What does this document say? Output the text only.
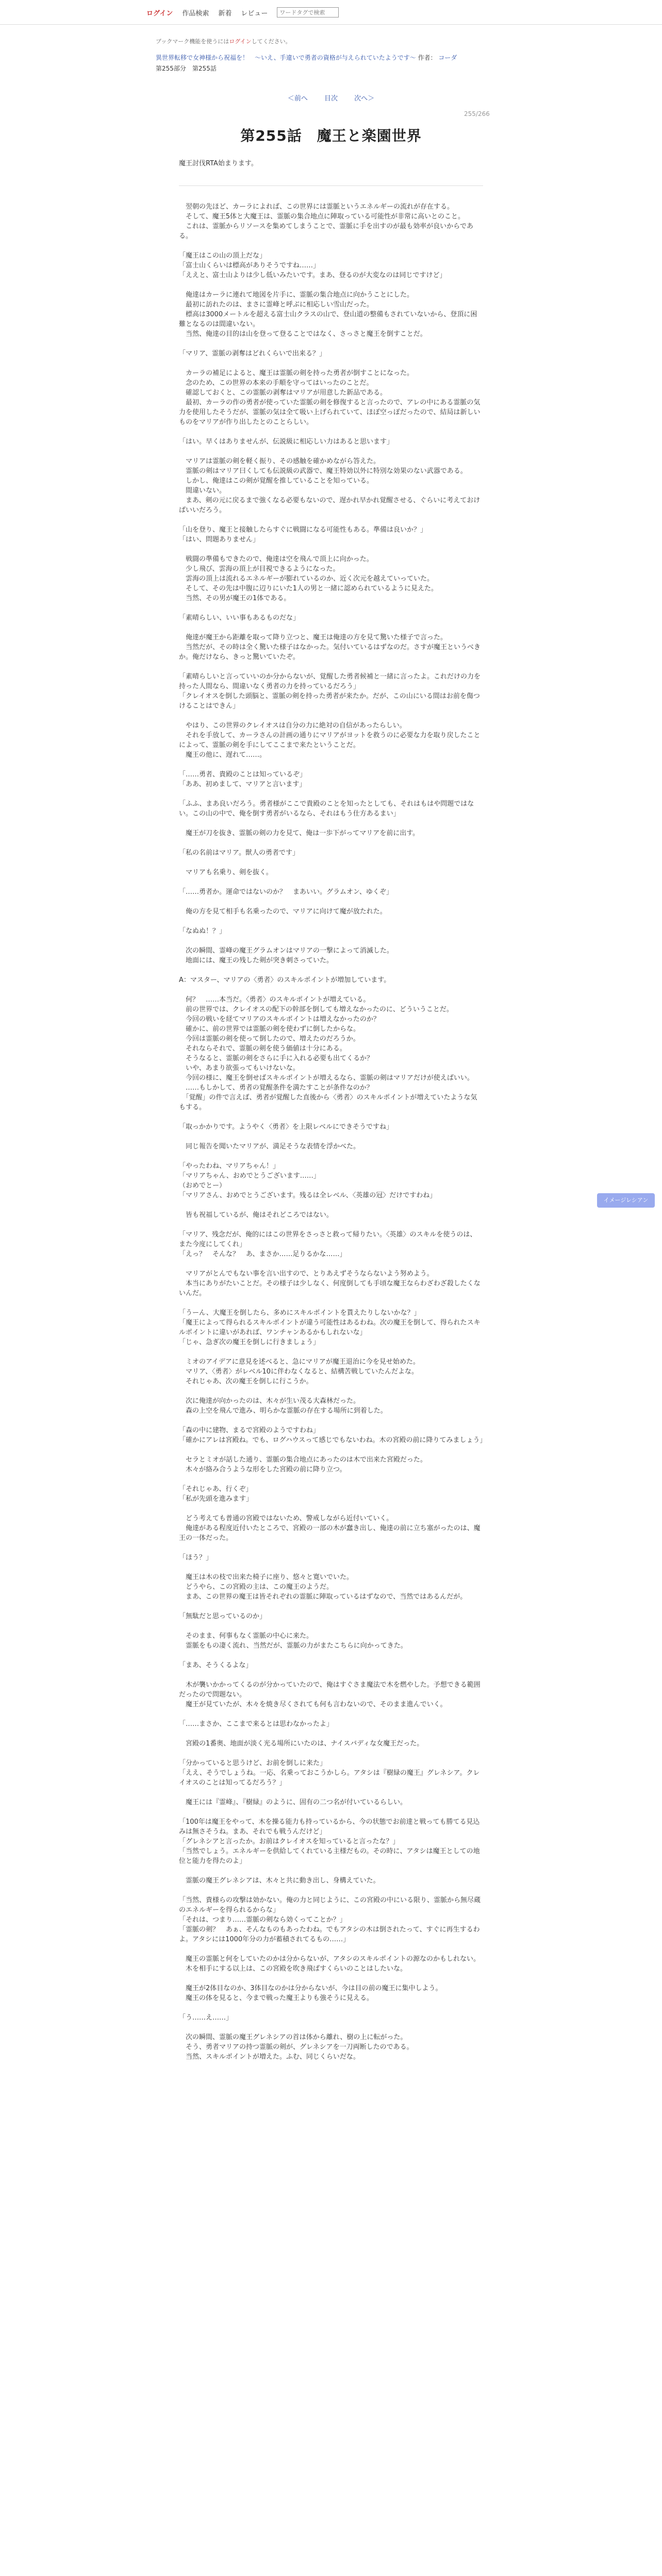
ログイン 作品検索 新着 レビュー
ワードタグで検索
ブックマーク機能を使うにはログインしてください。
異世界転移で女神様から祝福を！　～いえ、手違いで勇者の資格が与えられていたようです～ 作者： コーダ
第255部分　 第255話
＜前へ 目次 次へ＞
255/266
第255話　魔王と楽園世界
魔王討伐RTA始まります。

　翌朝の先ほど、カーラによれば、この世界には霊脈というエネルギーの流れが存在する。
　そして、魔王5体と大魔王は、霊脈の集合地点に陣取っている可能性が非常に高いとのこと。
　これは、霊脈からリソースを集めてしまうことで、霊脈に手を出すのが最も効率が良いからである。

「魔王はこの山の頂上だな」
「富士山くらいは標高がありそうですね……」
「ええと、富士山よりは少し低いみたいです。まあ、登るのが大変なのは同じですけど」

　俺達はカーラに連れて地図を片手に、霊脈の集合地点に向かうことにした。
　最初に訪れたのは、まさに霊峰と呼ぶに相応しい雪山だった。
　標高は3000メートルを超える富士山クラスの山で、登山道の整備もされていないから、登頂に困難となるのは間違いない。
　当然、俺達の目的は山を登って登ることではなく、さっさと魔王を倒すことだ。

「マリア、霊脈の剥奪はどれくらいで出来る？」

　カーラの補足によると、魔王は霊脈の剣を持った勇者が倒すことになった。
　念のため、この世界の本来の手順を守ってはいったのことだ。
　確認しておくと、この霊脈の剥奪はマリアが用意した新品である。
　最初、カーラの作の勇者が使っていた霊脈の剣を修復すると言ったので、アレの中にある霊脈の気力を使用したそうだが、霊脈の気は全て吸い上げられていて、ほぼ空っぽだったので、結局は新しいものをマリアが作り出したとのことらしい。

「はい。早くはありませんが、伝説級に相応しい力はあると思います」

　マリアは霊脈の剣を軽く振り、その感触を確かめながら答えた。
　霊脈の剣はマリア曰くしても伝説級の武器で、魔王特効以外に特別な効果のない武器である。
　しかし、俺達はこの剣が覚醒を推していることを知っている。
　間違いない。
　まあ、剣の元に戻るまで強くなる必要もないので、遅かれ早かれ覚醒させる、ぐらいに考えておけばいいだろう。

「山を登り、魔王と接触したらすぐに戦闘になる可能性もある。準備は良いか？」
「はい、問題ありません」

　戦闘の準備もできたので、俺達は空を飛んで頂上に向かった。
　少し飛び、雲海の頂上が目視できるようになった。
　雲海の頂上は流れるエネルギーが膨れているのか、近く次元を越えていっていた。
　そして、その先は中腹に辺りにいた1人の男と一緒に認められているように見えた。
　当然、その男が魔王の1体である。

「素晴らしい、いい事もあるものだな」

　俺達が魔王から距離を取って降り立つと、魔王は俺達の方を見て驚いた様子で言った。
　当然だが、その時は全く驚いた様子はなかった。気付いているはずなのだ。さすが魔王というべきか。俺だけなら、きっと驚いていたぞ。

「素晴らしいと言っていいのか分からないが、覚醒した勇者候補と一緒に言ったよ。これだけの力を持った人間なら、間違いなく勇者の力を持っているだろう」
「クレイオスを倒した頭脳と、霊脈の剣を持った勇者が来たか。だが、この山にいる間はお前を傷つけることはできん」

　やはり、この世界のクレイオスは自分の力に絶対の自信があったらしい。
　それを手放して、カーラさんの計画の通りにマリアがヨットを救うのに必要な力を取り戻したことによって、霊脈の剣を手にしてここまで来たということだ。
　魔王の他に、遅れて……。

「……勇者、貴殿のことは知っているぞ」
「ああ、初めまして、マリアと言います」

「ふふ、まあ良いだろう。勇者様がここで貴殿のことを知ったとしても、それはもはや問題ではない。この山の中で、俺を倒す勇者がいるなら、それはもう仕方あるまい」

　魔王が刀を抜き、霊脈の剣の力を見て、俺は一歩下がってマリアを前に出す。

「私の名前はマリア。獣人の勇者です」

　マリアも名乗り、剣を抜く。

「……勇者か。運命ではないのか？　まあいい。グラムオン、ゆくぞ」

　俺の方を見て相手も名乗ったので、マリアに向けて魔が放たれた。

「なぬぬ！？」

　次の瞬間、霊峰の魔王グラムオンはマリアの一撃によって消滅した。
　地面には、魔王の残した剣が突き刺さっていた。

A：マスター、マリアの〈勇者〉のスキルポイントが増加しています。

　何？　……本当だ。〈勇者〉のスキルポイントが増えている。
　前の世界では、クレイオスの配下の幹部を倒しても増えなかったのに、どういうことだ。
　今回の戦いを経てマリアのスキルポイントは増えなかったのか？
　確かに、前の世界では霊脈の剣を使わずに倒したからな。
　今回は霊脈の剣を使って倒したので、増えたのだろうか。
　それならそれで、霊脈の剣を使う価値は十分にある。
　そうなると、霊脈の剣をさらに手に入れる必要も出てくるか？
　いや、あまり欲張ってもいけないな。
　今回の様に、魔王を倒せばスキルポイントが増えるなら、霊脈の剣はマリアだけが使えばいい。
　……もしかして、勇者の覚醒条件を満たすことが条件なのか？
　「覚醒」の件で言えば、勇者が覚醒した直後から〈勇者〉のスキルポイントが増えていたような気もする。

「取っかかりです。ようやく〈勇者〉を上限レベルにできそうですね」

　同じ報告を聞いたマリアが、満足そうな表情を浮かべた。

「やったわね、マリアちゃん！」
「マリアちゃん、おめでとうございます……」
（おめでとー）
「マリアさん、おめでとうございます。残るは全レベル、〈英雄の冠〉だけですわね」

　皆も祝福しているが、俺はそれどころではない。

「マリア、残念だが、俺的にはこの世界をさっさと救って帰りたい。〈英雄〉のスキルを使うのは、また今度にしてくれ」
「えっ？　そんな？　あ、まさか……足りるかな……」

　マリアがとんでもない事を言い出すので、とりあえずそうならないよう努めよう。
　本当にありがたいことだ。その様子は少しなく、何度倒しても手頃な魔王ならわざわざ殺したくないんだ。

「うーん、大魔王を倒したら、多めにスキルポイントを貰えたりしないかな？」
「魔王によって得られるスキルポイントが違う可能性はあるわね。次の魔王を倒して、得られたスキルポイントに違いがあれば、ワンチャンあるかもしれないな」
「じゃ、急ぎ次の魔王を倒しに行きましょう」

　ミオのアイデアに意見を述べると、急にマリアが魔王退治に今を見せ始めた。
　マリア、〈勇者〉がレベル10に伴わなくなると、結構苦戦していたんだよな。
　それじゃあ、次の魔王を倒しに行こうか。

　次に俺達が向かったのは、木々が生い茂る大森林だった。
　森の上空を飛んで進み、明らかな霊脈の存在する場所に到着した。

「森の中に建物、まるで宮殿のようですわね」
「確かにアレは宮殿ね。でも、ログハウスって感じでもないわね。木の宮殿の前に降りてみましょう」

　セラとミオが話した通り、霊脈の集合地点にあったのは木で出来た宮殿だった。
　木々が絡み合うような形をした宮殿の前に降り立つ。

「それじゃあ、行くぞ」
「私が先頭を進みます」

　どう考えても普通の宮殿ではないため、警戒しながら近付いていく。
　俺達がある程度近付いたところで、宮殿の一部の木が蠢き出し、俺達の前に立ち塞がったのは、魔王の一体だった。

「ほう？」

　魔王は木の枝で出来た椅子に座り、悠々と寛いでいた。
　どうやら、この宮殿の主は、この魔王のようだ。
　まあ、この世界の魔王は皆それぞれの霊脈に陣取っているはずなので、当然ではあるんだが。

「無駄だと思っているのか」

　そのまま、何事もなく霊脈の中心に来た。
　霊脈をもの凄く流れ、当然だが、霊脈の力がまたこちらに向かってきた。

「まあ、そうくるよな」

　木が襲いかかってくるのが分かっていたので、俺はすぐさま魔法で木を燃やした。予想できる範囲だったので問題ない。
　魔王が見ていたが、木々を焼き尽くされても何も言わないので、そのまま進んでいく。

「……まさか、ここまで来るとは思わなかったよ」

　宮殿の1番奥、地面が淡く光る場所にいたのは、ナイスバディな女魔王だった。

「分かっていると思うけど、お前を倒しに来た」
「ええ、そうでしょうね。一応、名乗っておこうかしら。アタシは『樹緑の魔王』グレネシア。クレイオスのことは知ってるだろう？」

　魔王には『霊峰』、『樹緑』のように、固有の二つ名が付いているらしい。

「100年は魔王をやって、木を操る能力も持っているから、今の状態でお前達と戦っても勝てる見込みは無さそうね。まあ、それでも戦うんだけど」
「グレネシアと言ったか。お前はクレイオスを知っていると言ったな？」
「当然でしょう。エネルギーを供給してくれている主様だもの。その時に、アタシは魔王としての地位と能力を得たのよ」

　霊脈の魔王グレネシアは、木々と共に動き出し、身構えていた。

「当然、貴様らの攻撃は効かない。俺の力と同じように、この宮殿の中にいる限り、霊脈から無尽蔵のエネルギーを得られるからな」
「それは、つまり……霊脈の剣なら効くってことか？」
「霊脈の剣？　あぁ、そんなものもあったわね。でもアタシの木は倒されたって、すぐに再生するわよ。アタシには1000年分の力が蓄積されてるもの……」

　魔王の霊脈と何をしていたのかは分からないが、アタシのスキルポイントの源なのかもしれない。
　木を相手にする以上は、この宮殿を吹き飛ばすくらいのことはしたいな。

　魔王が2体目なのか、3体目なのかは分からないが、今は目の前の魔王に集中しよう。
　魔王の体を見ると、今まで戦った魔王よりも強そうに見える。

「う……え……」

　次の瞬間、霊脈の魔王グレネシアの首は体から離れ、樹の上に転がった。
　そう、勇者マリアの持つ霊脈の剣が、グレネシアを一刀両断したのである。
　当然、スキルポイントが増えた。ふむ、同じくらいだな。

イメージレシアン
